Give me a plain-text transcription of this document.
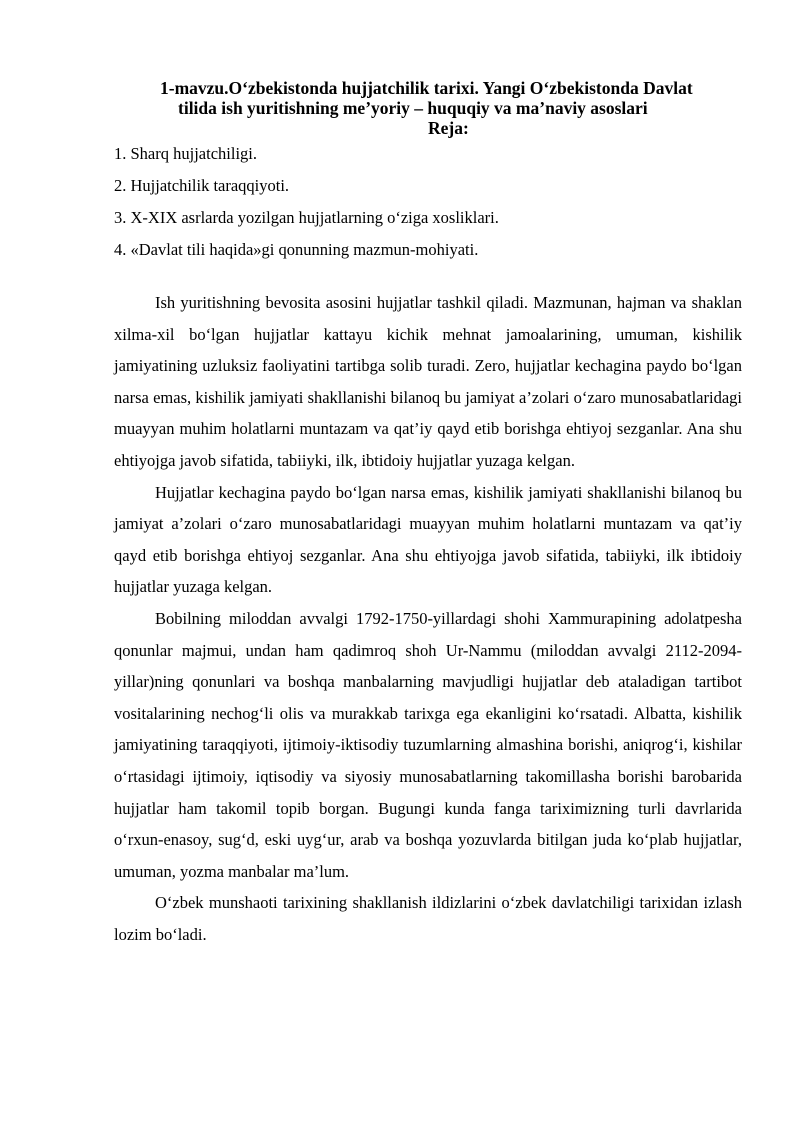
1-mavzu.O‘zbekistonda hujjatchilik tarixi. Yangi O‘zbekistonda Davlat
tilida ish yuritishning me’yoriy – huquqiy va ma’naviy asoslari
Reja:
1. Sharq hujjatchiligi.
2. Hujjatchilik taraqqiyoti.
3. X-XIX asrlarda yozilgan hujjatlarning o‘ziga xosliklari.
4. «Davlat tili haqida»gi qonunning mazmun-mohiyati.

Ish yuritishning bevosita asosini hujjatlar tashkil qiladi. Mazmunan, hajman va shaklan xilma-xil bo‘lgan hujjatlar kattayu kichik mehnat jamoalarining, umuman, kishilik jamiyatining uzluksiz faoliyatini tartibga solib turadi. Zero, hujjatlar kechagina paydo bo‘lgan narsa emas, kishilik jamiyati shakllanishi bilanoq bu jamiyat a’zolari o‘zaro munosabatlaridagi muayyan muhim holatlarni muntazam va qat’iy qayd etib borishga ehtiyoj sezganlar. Ana shu ehtiyojga javob sifatida, tabiiyki, ilk, ibtidoiy hujjatlar yuzaga kelgan.

Hujjatlar kechagina paydo bo‘lgan narsa emas, kishilik jamiyati shakllanishi bilanoq bu jamiyat a’zolari o‘zaro munosabatlaridagi muayyan muhim holatlarni muntazam va qat’iy qayd etib borishga ehtiyoj sezganlar. Ana shu ehtiyojga javob sifatida, tabiiyki, ilk ibtidoiy hujjatlar yuzaga kelgan.

Bobilning miloddan avvalgi 1792-1750-yillardagi shohi Xammurapining adolatpesha qonunlar majmui, undan ham qadimroq shoh Ur-Nammu (miloddan avvalgi 2112-2094-yillar)ning qonunlari va boshqa manbalarning mavjudligi hujjatlar deb ataladigan tartibot vositalarining nechog‘li olis va murakkab tarixga ega ekanligini ko‘rsatadi. Albatta, kishilik jamiyatining taraqqiyoti, ijtimoiy-iktisodiy tuzumlarning almashina borishi, aniqrog‘i, kishilar o‘rtasidagi ijtimoiy, iqtisodiy va siyosiy munosabatlarning takomillasha borishi barobarida hujjatlar ham takomil topib borgan. Bugungi kunda fanga tariximizning turli davrlarida o‘rxun-enasoy, sug‘d, eski uyg‘ur, arab va boshqa yozuvlarda bitilgan juda ko‘plab hujjatlar, umuman, yozma manbalar ma’lum.

O‘zbek munshaoti tarixining shakllanish ildizlarini o‘zbek davlatchiligi tarixidan izlash lozim bo‘ladi.
